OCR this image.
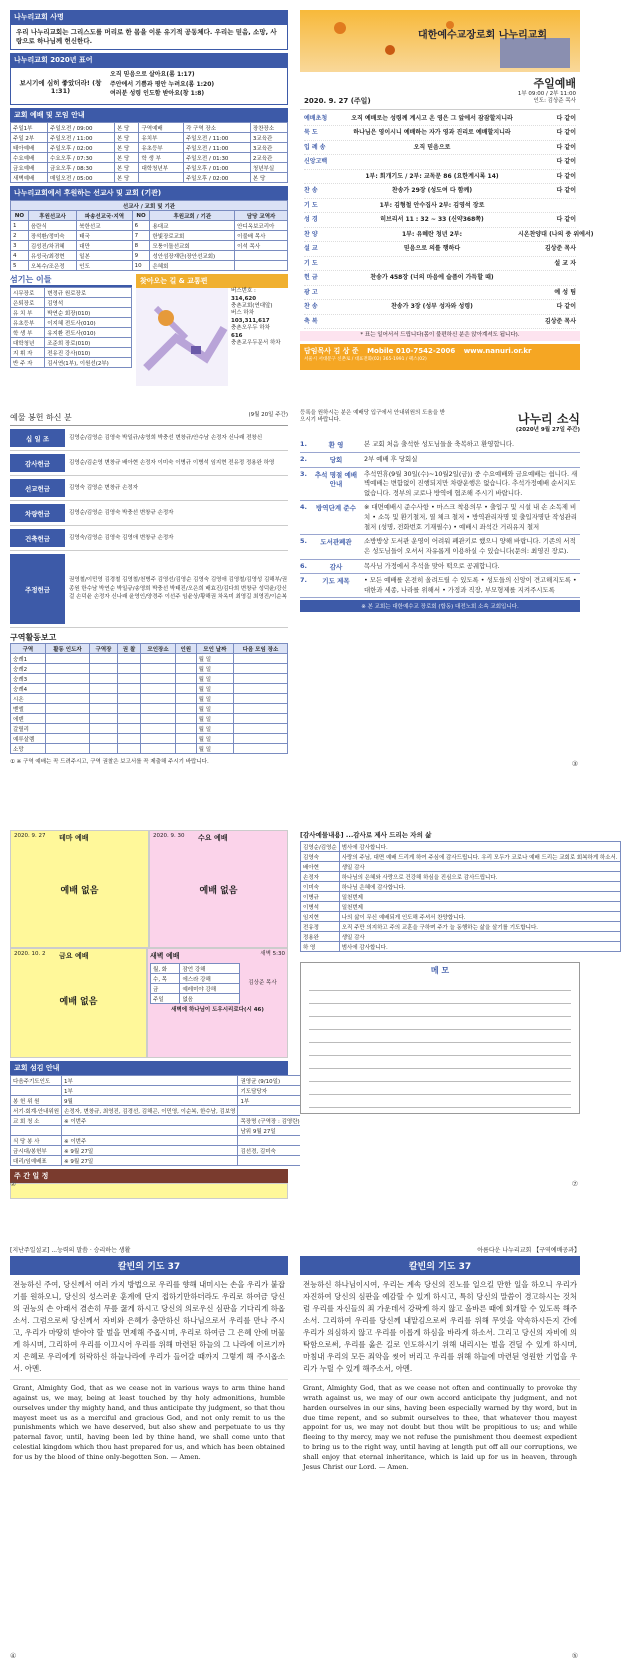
나누리교회 사명
우리 나누리교회는 그리스도를 머리로 한 몸을 이룬 유기적 공동체다. 우리는 믿음, 소망, 사랑으로 하나님께 헌신한다.
나누리교회 2020년 표어
보시기에 심히 좋았더라! (창 1:31)
오직 믿음으로 살아요(롬 1:17)
주안에서 기쁨과 평안 누려요(롬 1:20)
여러분 성령 인도함 받아요(창 1:8)
교회 예배 및 모임 안내
주일1부	주일오전 / 09:00	본 당	구역예배	각 구역 장소	장찬장소
주일 2부	주일오전 / 11:00	본 당	유치부	주일오전 / 11:00	3교육관
태아예배	주일오후 / 02:00	본 당	유초등부	주일오전 / 11:00	3교육관
수요예배	수요오후 / 07:30	본 당	학 생 부	주일오전 / 01:30	2교육관
금요예배	금요오후 / 08:30	본 당	대학청년부	주일오후 / 01:00	청년부실
새벽예배	매일오전 / 05:00	본 당		주일오후 / 02:00	본 당
나누리교회에서 후원하는 선교사 및 교회 (기관)
선교사 / 교회 및 기관					
NO	후원선교사	파송선교국·지역	NO	후원교회 / 기관	담당 교역자
1	음란식	북한선교	6	용대교	안디옥보코리아
2	장석환/정미숙	태국	7	한빛장로교회	이불배 목사
3	김성진/차귀혜	대만	8	모퉁이돌선교회	이석 목사
4	유성국/최경현	일본	9	성안섬장재단(장안선교회)	
5	오복수/조은정	인도	10	은혜회	
섬기는 이들
시무장로	변정규 원로장로
은퇴장로	김영석
유 치 부	박연순 회장(010)
유초등부	이지혜 전도사(010)
학 생 부	유지환 전도사(010)
대학청년	조준희 장로(010)
지 휘 자	전유진 강사(010)
반 주 자	김서연(1부), 이원선(2부)
찾아오는 길 & 교통편
버스번호 :
314,620
충촌교회(연대앞)
버스 하차
103,311,617
충촌오우두 하차
616
충촌교우두문서 하차
대한예수교장로회 나누리교회
2020. 9. 27 (주일)
주일예배
1부 09:00 / 2부 11:00
인도: 김상준 목사
예배초청	오직 예배로는 성령께 계시고 온 영은 그 앞에서 잠잠할지니라	다 같이
묵 도	하나님은 영이시니 예배하는 자가 영과 진리로 예배할지니라	다 같이
입 례 송	오직 믿음으로	다 같이
신앙고백	다 같이
1부: 회개기도 / 2부: 교독문 86 (요한계시록 14)	다 같이
찬 송	찬송가 29장 (성도여 다 함께)	다 같이
기 도	1부: 김형철 안수집사 2부: 김영석 장로
성 경	히브리서 11 : 32 ~ 33 (신약368쪽)	다 같이
찬 양	1부: 유혜란 청년 2부:	시온찬양대 (나의 중 위에서)
설 교	믿음으로 의를 행하다	김상준 목사
기 도	설 교 자
헌 금	찬송가 458장 (너의 마음에 슬픔이 가득할 때)
광 고	예 성 팀
찬 송	찬송가 3장 (성부 성자와 성령)	다 같이
축 복	김상준 목사
* 표는 일어서서 드립니다(몸이 불편하신 분은 앉아계셔도 됩니다).
담임목사 김 상 준 Mobile 010-7542-2006 www.nanuri.or.kr
서울시 서대문구 신촌로 / 대표전화(02) 365-1991 / 팩스(02)
예물 봉헌 하신 분	(9월 20일 주간)
십 일 조	김영순/김영순 김영숙 박일규/송영희 박충선 변창규/안수남 손정자 신나래 전창신
감사헌금	김영순/김순영 변창규 배아현 손정자 이미숙 이병규 이병석 임지현 전유정 정용완 하영
선교헌금	김영숙 김영순 변창규 손정자
차량헌금	김영순/김영순 김영숙 박충선 변창규 손정자
건축헌금	김영숙/김영순 김영숙 김영애 변창규 손정자
주정헌금
권영철/이민영 김경철 김영철/천병주 김영선/김영순 김영숙 김영애 김영철/김영성 김해부/권종원 한수남 박연순 박일규/송영희 박충선 박태진/오은희 배효진/김다희 변창규 성덕윤/강신걸 손덕윤 손정자 신나래 윤영인/양경주 이선주 임윤상/황해권 차옥미 최영길 최영진/이순복
구역활동보고
구역	활동 인도자	구역장	권 찰	모인장소	인원	모인 날짜	다음 모임 장소
숭례1						월 일	
숭례2						월 일	
숭례3						월 일	
숭례4						월 일	
시온						월 일	
벧엘						월 일	
에덴						월 일	
갈릴리						월 일	
예루살렘						월 일	
소망						월 일	
① ※ 구역 예배는 꼭 드려주시고, 구역 권찰은 보고서를 꼭 제출해 주시기 바랍니다.
등록을 원하시는 분은 예배당 입구에서 안내위원의 도움을 받으시기 바랍니다.	나누리 소식
(2020년 9월 27일 주간)
1.	환 영	본 교회 처음 출석한 성도님들을 축복하고 환영합니다.
2.	당회	2부 예배 후 당회실
3.	추석 명절 예배 안내
추석연휴(9월 30일(수)~10월2일(금)) 중 수요예배와 금요예배는 쉽니다. 새벽예배는 변함없이 진행되지만 차량운행은 없습니다. 추석가정예배 순서지도 없습니다. 정부의 코로나 방역에 협조해 주시기 바랍니다.
4.	방역단계 준수	※ 대면예배시 준수사항 • 마스크 착용의무 • 출입구 및 시설 내 손 소독제 비치 • 소독 및 환기철저, 열 체크 철저 • 방역관리자명 및 출입자명단 작성관리 철저 (성명, 전화번호 기재필수) • 예배시 좌석간 거리유지 철저
5.	도서관폐관	소방방상 도서관 운영이 어려워 폐관키로 했으니 양해 바랍니다. 기존의 서적은 성도님들이 오셔서 자유롭게 이용하실 수 있습니다(문의: 최영진 장로).
6.	감사	목사님 가정에서 추석을 맞아 떡으로 공궤합니다.
7.	기도 제목	• 모든 예배를 온전히 올려드릴 수 있도록 • 성도들의 신앙이 견고해지도록 • 대한과 세종, 나라를 위해서 • 가정과 직장, 부모형제를 지켜주시도록
※ 본 교회는 대한예수교 장로회 (합동) 대전노회 소속 교회입니다.
③
2020. 9. 27 테마 예배
예배 없음
2020. 9. 30 수요 예배
예배 없음
2020. 10. 2 금요 예배
예배 없음
새벽 예배	새벽 5:30
월, 화	잠언 강해
수, 목	에스라 강해
금	예레미야 강해
주일	없음
김상준 목사
새벽에 하나님이 도우시리로다(시 46)
교회 섬김 안내
다음주기도인도	1부	권영균 (9/10일)			
	1부	기도담당자			
봉 헌 위 원	9월	1부			
서기·회계·안내위원	손정자, 변창규, 최영진, 김경선, 김해곤, 이민영, 이순복, 한수남, 김보영				
교 회 청 소	※ 이번주	목장명 (구역장 : 김영란)		
		남위 9월 27일		
식 당 봉 사	※ 이번주			
금시대/봉헌부	※ 9월 27일	김선경, 김미숙		
대리/임예배표	※ 9월 27일			
주 간 일 정
②
[감사예물내용] ...감사로 제사 드리는 자의 삶
김영순/김영순	범사에 감사합니다.
김영숙	사랑의 주님, 대면 예배 드리게 하여 주심에 감사드립니다. 우리 모두가 코로나 예배 드리는 교회로 회복하게 하소서.
배아현	생일 감사
손정자	하나님의 은혜와 사랑으로 건강해 하심을 진심으로 감사드립니다.
이미숙	하나님 은혜에 감사합니다.
이병규	일천번제
이병석	일천번제
임지현	나의 삶이 무신 예배되게 인도해 주셔서 찬양합니다.
전유정	오직 주만 의지하고 주의 교훈을 구하며 주가 늘 동행하는 삶을 살기를 기도합니다.
정용완	생일 감사
하 영	범사에 감사합니다.
메 모
⑦
[지난주일설교] ...능력의 말씀 · 승리하는 생활
칼빈의 기도 37
전능하신 주여, 당신께서 여러 가지 방법으로 우리를 향해 내미시는 손을 우리가 붙잡기를 원하오니, 당신의 성스러운 훈계에 단지 접하기만하더라도 우리로 하여금 당신의 권능의 손 아래서 겸손히 무릎 꿇게 하시고 당신의 의로우신 심판을 기다리게 하옵소서. 그럼으로써 당신께서 자비와 은혜가 충만하신 하나님으로서 우리를 만나 주시고, 우리가 마땅히 받아야 할 벌을 면제해 주옵시며, 우리로 하여금 그 은혜 안에 머물게 하시며, 그리하여 우리를 이끄시어 우리를 위해 마련된 하늘의 그 나라에 이르기까지 은혜로 우리에게 허락하신 하늘나라에 우리가 들어갈 때까지 그렇게 해 주시옵소서. 아멘.
Grant, Almighty God, that as we cease not in various ways to arm thine hand against us, we may, being at least touched by thy holy admonitions, humble ourselves under thy mighty hand, and thus anticipate thy judgment, so that thou mayest meet us as a merciful and gracious God, and not only remit to us the punishments which we have deserved, but also shew and perpetuate to us thy paternal favor, until, having been led by thine hand, we shall come unto that celestial kingdom which thou hast prepared for us, and which has been obtained for us by the blood of thine only-begotten Son. — Amen.
④
아름다운 나누리교회 【구역예배공과】
칼빈의 기도 37
전능하신 하나님이시여, 우리는 계속 당신의 진노를 일으킬 만한 일을 하오니 우리가 자진하여 당신의 심판을 예감할 수 있게 하시고, 특히 당신의 말씀이 경고하시는 것처럼 우리를 자신들의 죄 가운데서 강팍케 하지 않고 올바른 때에 회개할 수 있도록 해주소서. 그리하여 우리를 당신께 내맡김으로써 우리를 위해 무엇을 약속하시든지 간에 우리가 의심하지 않고 우리를 이롭게 하심을 바라게 하소서. 그리고 당신의 자비에 의탁함으로써, 우리를 옳은 길로 인도하시기 위해 내리시는 벌을 견딜 수 있게 하시며, 마침내 우리의 모든 죄악을 씻어 버리고 우리를 위해 하늘에 마련된 영원한 기업을 우리가 누릴 수 있게 해주소서, 아멘.
Grant, Almighty God, that as we cease not often and continually to provoke thy wrath against us, we may of our own accord anticipate thy judgment, and not harden ourselves in our sins, having been especially warned by thy word, but in due time repent, and so submit ourselves to thee, that whatever thou mayest appoint for us, we may not doubt but thou wilt be propitious to us; and while fleeing to thy mercy, may we not refuse the punishment thou deemest expedient to bring us to the right way, until having at length put off all our corruptions, we shall enjoy that eternal inheritance, which is laid up for us in heaven, through Jesus Christ our Lord. — Amen.
⑤
